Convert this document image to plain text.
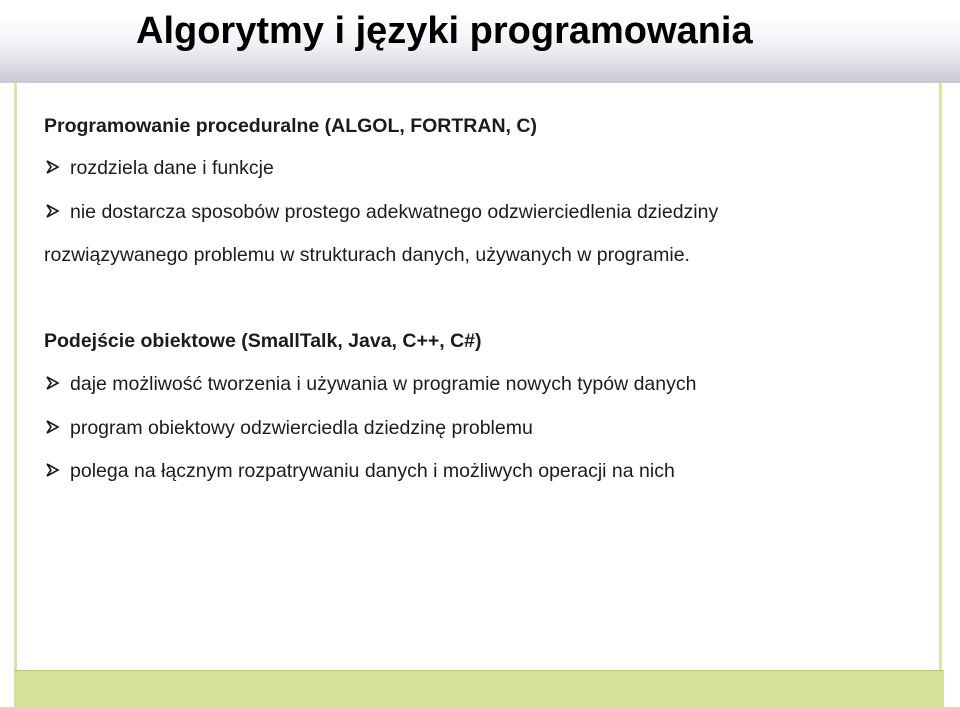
Algorytmy i języki programowania

Programowanie proceduralne (ALGOL, FORTRAN, C)

rozdziela dane i funkcje

nie dostarcza sposobów prostego adekwatnego odzwierciedlenia dziedziny

rozwiązywanego problemu w strukturach danych, używanych w programie.

Podejście obiektowe (SmallTalk, Java, C++, C#)

daje możliwość tworzenia i używania w programie nowych typów danych

program obiektowy odzwierciedla dziedzinę problemu

polega na łącznym rozpatrywaniu danych i możliwych operacji na nich
